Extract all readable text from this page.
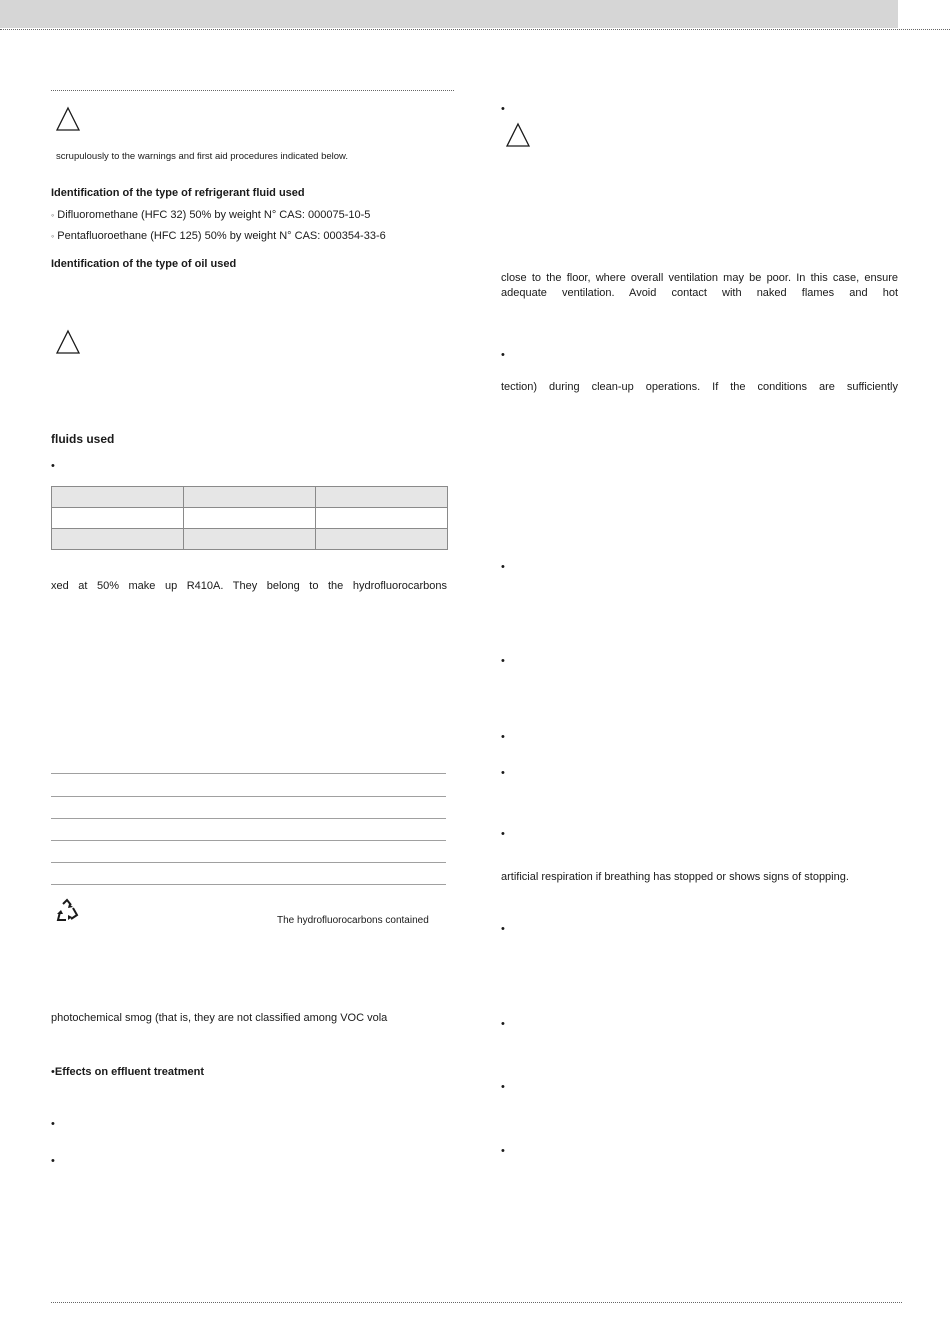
scrupulously to the warnings and first aid procedures indicated below.
Identification of the type of refrigerant fluid used
◦ Difluoromethane (HFC 32) 50% by weight N° CAS: 000075-10-5
◦ Pentafluoroethane (HFC 125) 50% by weight N° CAS: 000354-33-6
Identification of the type of oil used
fluids used
•

xed at 50% make up R410A. They belong to the hydrofluorocarbons
The hydrofluorocarbons contained
photochemical smog (that is, they are not classified among VOC vola
•Effects on effluent treatment
•
•
•
close to the floor, where overall ventilation may be poor. In this case, ensure adequate ventilation. Avoid contact with naked flames and hot
•
tection) during clean-up operations. If the conditions are sufficiently
•
•
•
•
•
artificial respiration if breathing has stopped or shows signs of stopping.
•
•
•
•
